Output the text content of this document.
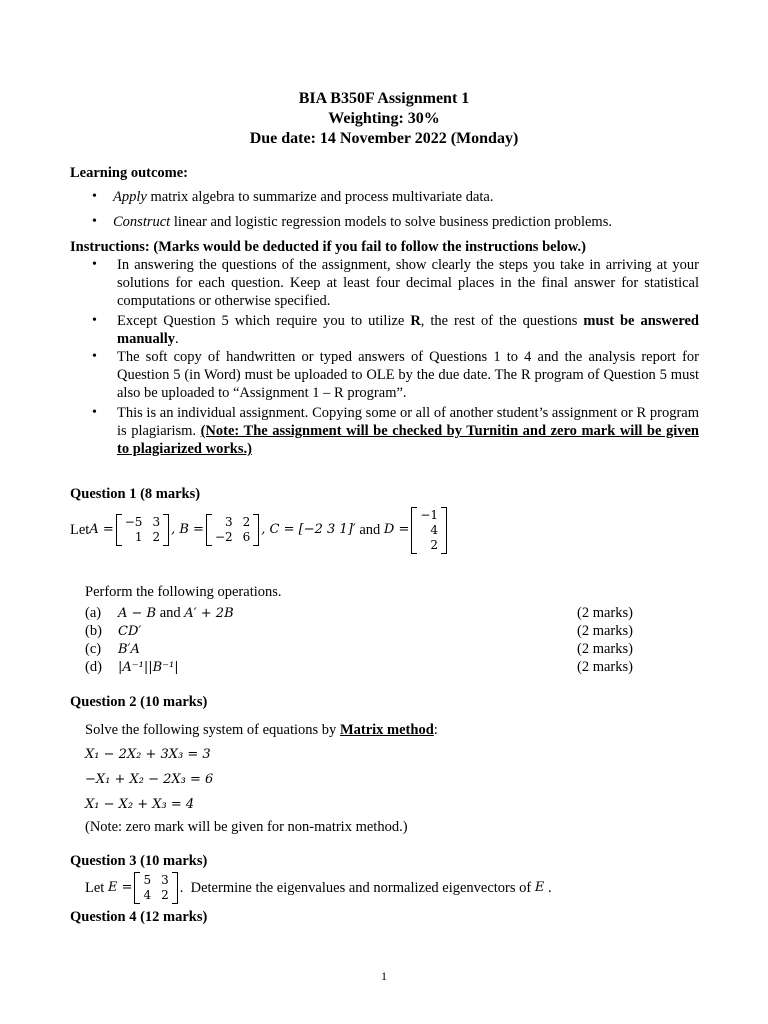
BIA B350F Assignment 1
Weighting: 30%
Due date: 14 November 2022 (Monday)
Learning outcome:
• Apply matrix algebra to summarize and process multivariate data.
• Construct linear and logistic regression models to solve business prediction problems.
Instructions: (Marks would be deducted if you fail to follow the instructions below.)
• In answering the questions of the assignment, show clearly the steps you take in arriving at your solutions for each question. Keep at least four decimal places in the final answer for statistical computations or otherwise specified.
• Except Question 5 which require you to utilize R, the rest of the questions must be answered manually.
• The soft copy of handwritten or typed answers of Questions 1 to 4 and the analysis report for Question 5 (in Word) must be uploaded to OLE by the due date. The R program of Question 5 must also be uploaded to “Assignment 1 – R program”.
• This is an individual assignment. Copying some or all of another student’s assignment or R program is plagiarism. (Note: The assignment will be checked by Turnitin and zero mark will be given to plagiarized works.)
Question 1 (8 marks)
Let A = −5 3
1 2 , B =	3 2
−2 6 , C = [−2 3 1]′ and D =
−1
4
2
Perform the following operations.
(a) A − B and A′ + 2B	(2 marks)
(b) CD′	(2 marks)
(c) B′A	(2 marks)
(d) |A⁻¹||B⁻¹|	(2 marks)
Question 2 (10 marks)
Solve the following system of equations by Matrix method:
X₁ − 2X₂ + 3X₃ = 3
−X₁ + X₂ − 2X₃ = 6
X₁ − X₂ + X₃ = 4
(Note: zero mark will be given for non-matrix method.)
Question 3 (10 marks)
Let E = 5 3
4 2 .  Determine the eigenvalues and normalized eigenvectors of E .
Question 4 (12 marks)
1
